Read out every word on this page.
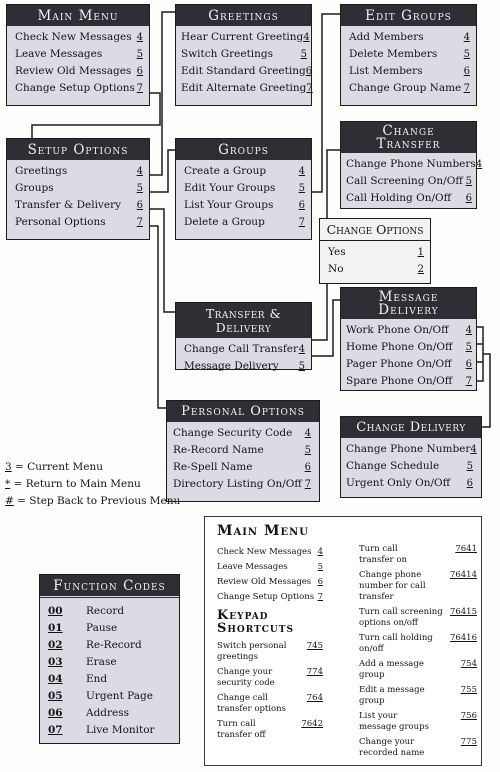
Main Menu
Check New Messages 4
Leave Messages	5
Review Old Messages 6
Change Setup Options 7
Greetings
Hear Current Greeting 4
Switch Greetings	5
Edit Standard Greeting 6
Edit Alternate Greeting 7
Edit Groups
Add Members	4
Delete Members	5
List Members	6
Change Group Name 7
Setup Options
Greetings	4
Groups	5
Transfer & Delivery 6
Personal Options	7
Groups
Create a Group	4
Edit Your Groups 5
List Your Groups	6
Delete a Group	7
Change
Transfer
Change Phone Numbers 4
Call Screening On/Off 5
Call Holding On/Off 6
Change Options
Yes	1
No	2
Transfer & Delivery
Change Call Transfer 4
Message Delivery 5
Message
Delivery
Work Phone On/Off 4
Home Phone On/Off 5
Pager Phone On/Off 6
Spare Phone On/Off 7
Personal Options
Change Security Code 4
Re-Record Name	5
Re-Spell Name	6
Directory Listing On/Off 7
Change Delivery
Change Phone Number 4
Change Schedule	5
Urgent Only On/Off 6
3 = Current Menu
* = Return to Main Menu
# = Step Back to Previous Menu
Function Codes
00	Record
01	Pause
02	Re-Record
03	Erase
04	End
05	Urgent Page
06	Address
07	Live Monitor
Main Menu
Check New Messages 4
Leave Messages	5
Review Old Messages 6
Change Setup Options 7
Keypad
Shortcuts
Switch personal greetings
745
Change your security code
774
Change call transfer options
764
Turn call transfer off
7642
Turn call transfer on
7641
Change phone number for call transfer
76414
Turn call screening options on/off
76415
Turn call holding on/off
76416
Add a message group
754
Edit a message group
755
List your message groups
756
Change your recorded name
775
